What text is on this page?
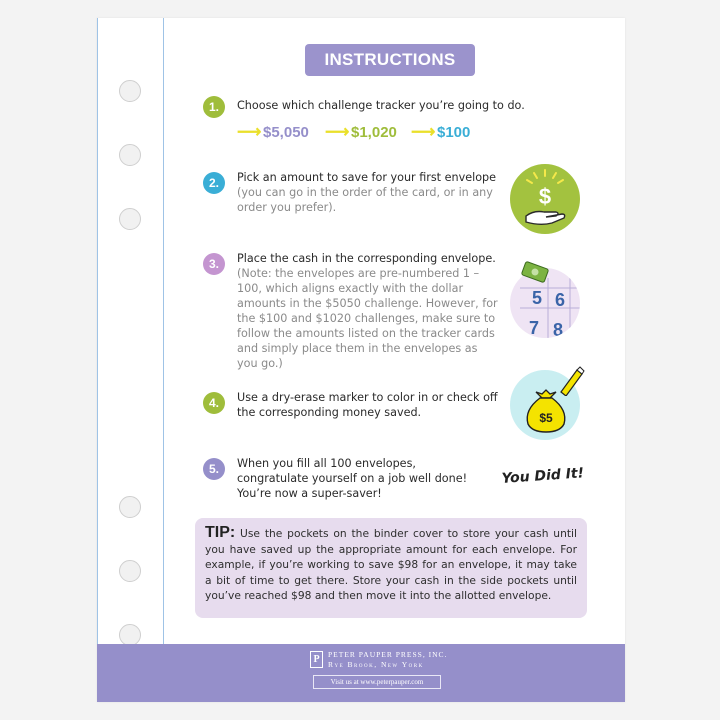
INSTRUCTIONS
1.	Choose which challenge tracker you’re going to do.
⟶ $5,050 ⟶ $1,020 ⟶ $100
2.	Pick an amount to save for your first envelope
(you can go in the order of the card, or in any order you prefer).	$
3.	Place the cash in the corresponding envelope.
(Note: the envelopes are pre-numbered 1 – 100, which aligns exactly with the dollar amounts in the $5050 challenge. However, for the $100 and $1020 challenges, make sure to follow the amounts listed on the tracker cards and simply place them in the envelopes as you go.)
5 6
7 8
4.	Use a dry-erase marker to color in or check off the corresponding money saved.	$5
5.	When you fill all 100 envelopes, congratulate yourself on a job well done! You’re now a super-saver!
You Did It!
TIP: Use the pockets on the binder cover to store your cash until you have saved up the appropriate amount for each envelope. For example, if you’re working to save $98 for an envelope, it may take a bit of time to get there. Store your cash in the side pockets until you’ve reached $98 and then move it into the allotted envelope.
P	PETER PAUPER PRESS, INC.
Rye Brook, New York
Visit us at www.peterpauper.com
